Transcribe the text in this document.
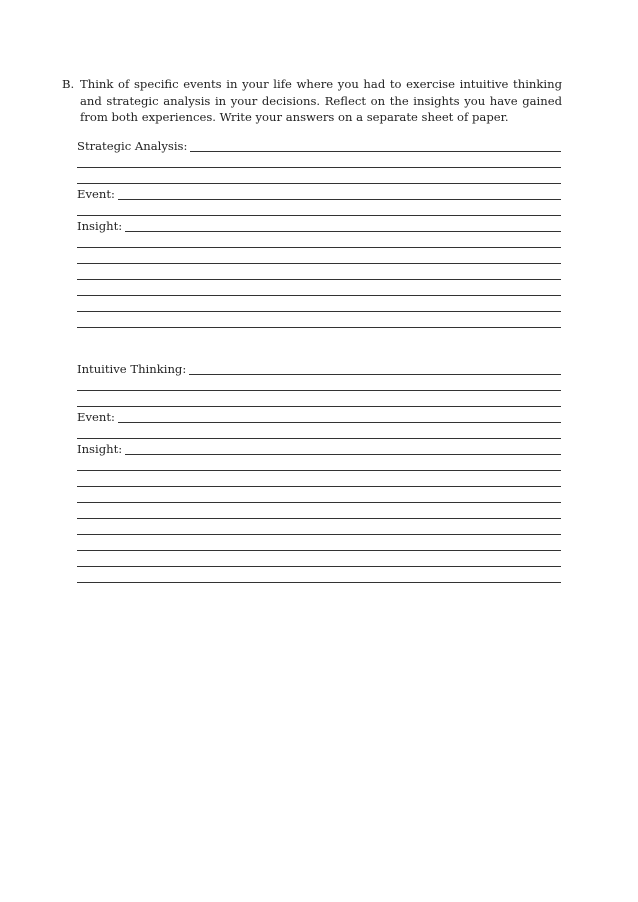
B. Think of specific events in your life where you had to exercise intuitive thinking and strategic analysis in your decisions. Reflect on the insights you have gained from both experiences. Write your answers on a separate sheet of paper.
Strategic Analysis:
Event:
Insight:
Intuitive Thinking:
Event:
Insight:
